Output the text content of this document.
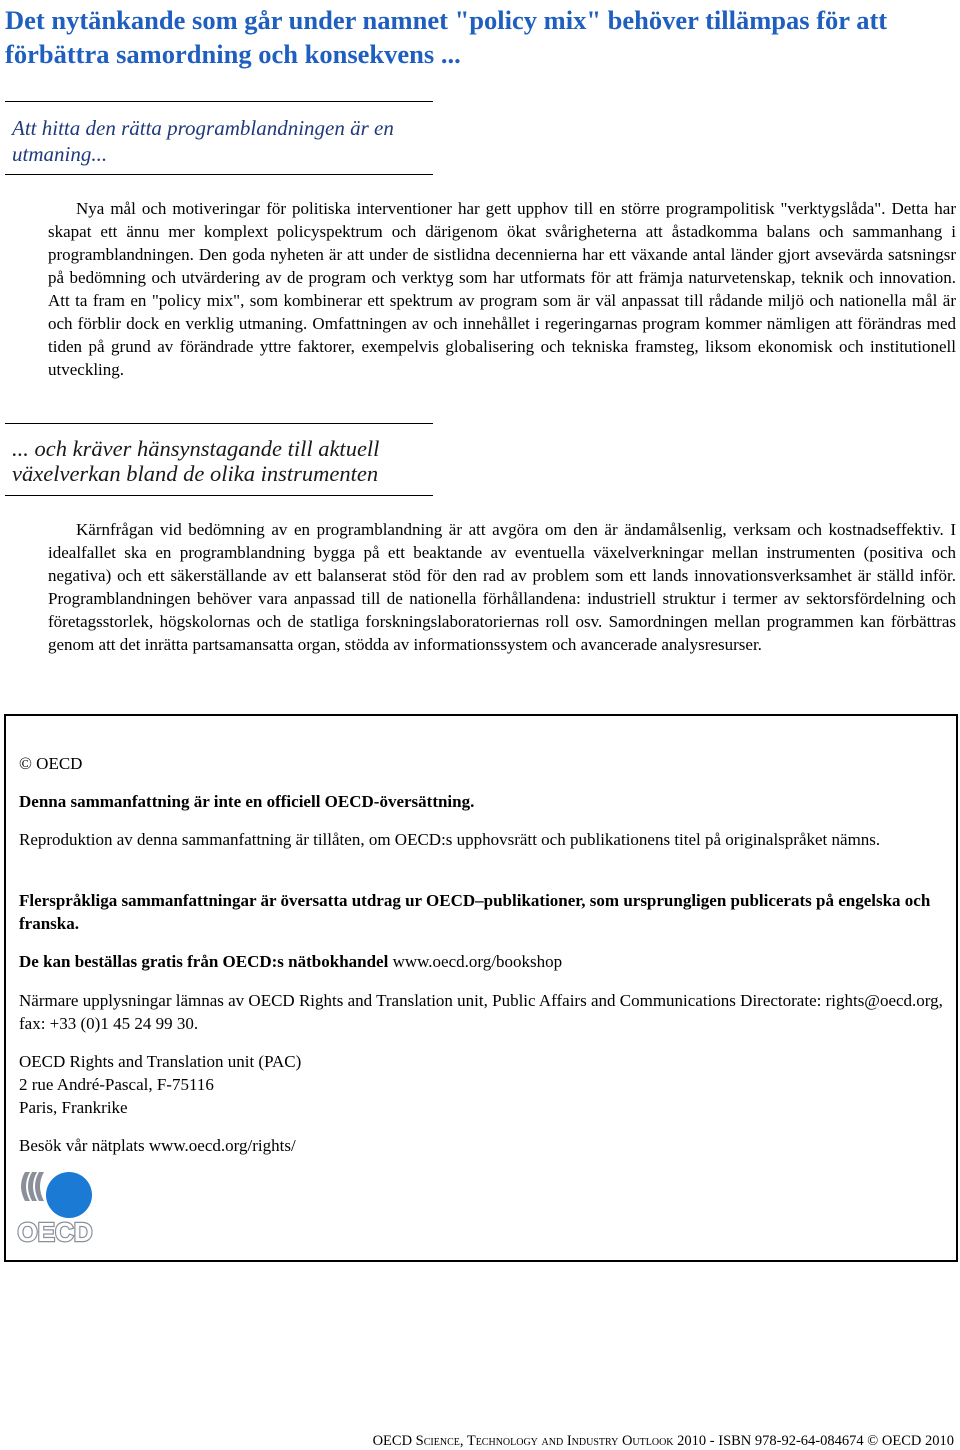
Det nytänkande som går under namnet "policy mix" behöver tillämpas för att förbättra samordning och konsekvens ...
Att hitta den rätta programblandningen är en utmaning...

Nya mål och motiveringar för politiska interventioner har gett upphov till en större programpolitisk "verktygslåda". Detta har skapat ett ännu mer komplext policyspektrum och därigenom ökat svårigheterna att åstadkomma balans och sammanhang i programblandningen. Den goda nyheten är att under de sistlidna decennierna har ett växande antal länder gjort avsevärda satsningsr på bedömning och utvärdering av de program och verktyg som har utformats för att främja naturvetenskap, teknik och innovation. Att ta fram en "policy mix", som kombinerar ett spektrum av program som är väl anpassat till rådande miljö och nationella mål är och förblir dock en verklig utmaning. Omfattningen av och innehållet i regeringarnas program kommer nämligen att förändras med tiden på grund av förändrade yttre faktorer, exempelvis globalisering och tekniska framsteg, liksom ekonomisk och institutionell utveckling.

... och kräver hänsynstagande till aktuell växelverkan bland de olika instrumenten

Kärnfrågan vid bedömning av en programblandning är att avgöra om den är ändamålsenlig, verksam och kostnadseffektiv. I idealfallet ska en programblandning bygga på ett beaktande av eventuella växelverkningar mellan instrumenten (positiva och negativa) och ett säkerställande av ett balanserat stöd för den rad av problem som ett lands innovationsverksamhet är ställd inför. Programblandningen behöver vara anpassad till de nationella förhållandena: industriell struktur i termer av sektorsfördelning och företagsstorlek, högskolornas och de statliga forskningslaboratoriernas roll osv. Samordningen mellan programmen kan förbättras genom att det inrätta partsamansatta organ, stödda av informationssystem och avancerade analysresurser.

© OECD

Denna sammanfattning är inte en officiell OECD-översättning.

Reproduktion av denna sammanfattning är tillåten, om OECD:s upphovsrätt och publikationens titel på originalspråket nämns.

Flerspråkliga sammanfattningar är översatta utdrag ur OECD–publikationer, som ursprungligen publicerats på engelska och franska.

De kan beställas gratis från OECD:s nätbokhandel www.oecd.org/bookshop

Närmare upplysningar lämnas av OECD Rights and Translation unit, Public Affairs and Communications Directorate: rights@oecd.org, fax: +33 (0)1 45 24 99 30.

OECD Rights and Translation unit (PAC)
2 rue André-Pascal, F-75116
Paris, Frankrike

Besök vår nätplats www.oecd.org/rights/

OECD
OECD Science, Technology and Industry Outlook 2010 - ISBN 978-92-64-084674 © OECD 2010
